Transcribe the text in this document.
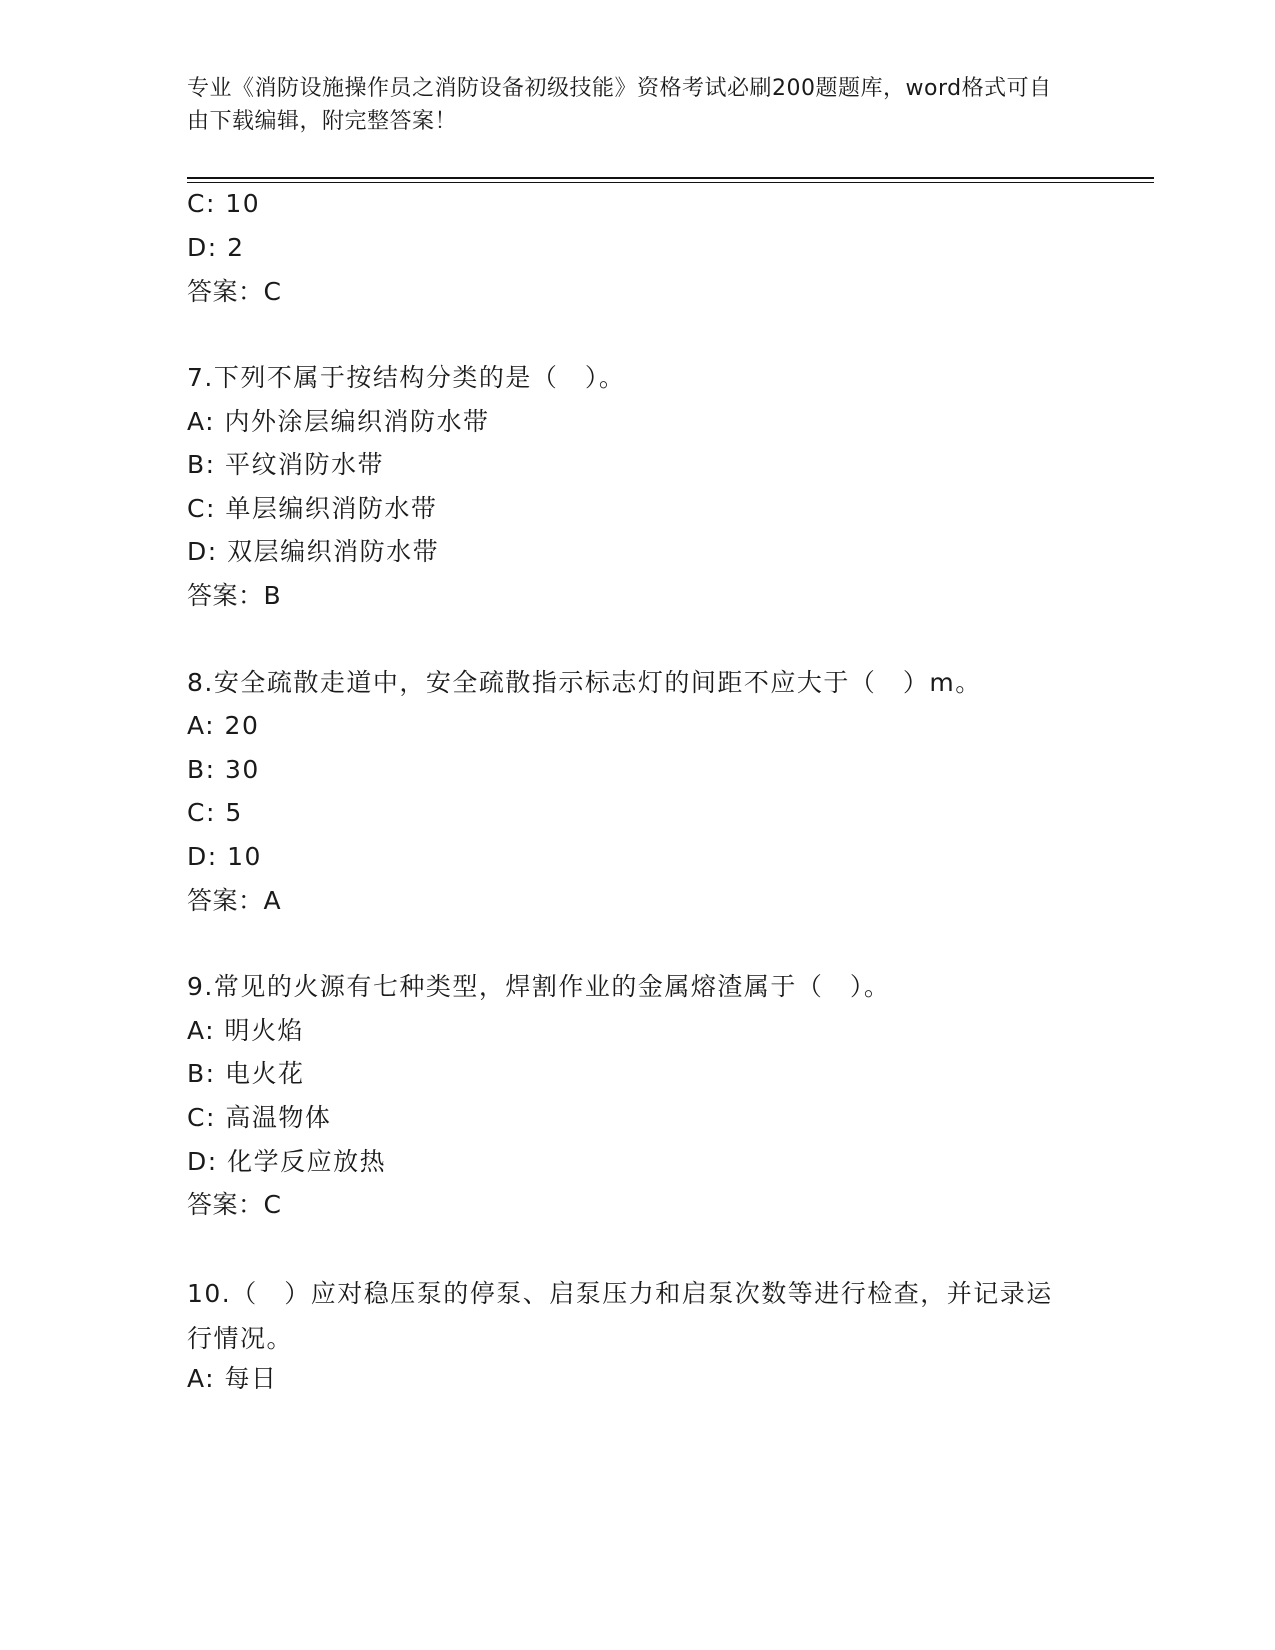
专业《消防设施操作员之消防设备初级技能》资格考试必刷200题题库，word格式可自由下载编辑，附完整答案！
C: 10
D: 2
答案：C
7.下列不属于按结构分类的是（　）。
A: 内外涂层编织消防水带
B: 平纹消防水带
C: 单层编织消防水带
D: 双层编织消防水带
答案：B
8.安全疏散走道中，安全疏散指示标志灯的间距不应大于（　）m。
A: 20
B: 30
C: 5
D: 10
答案：A
9.常见的火源有七种类型，焊割作业的金属熔渣属于（　）。
A: 明火焰
B: 电火花
C: 高温物体
D: 化学反应放热
答案：C
10.（　）应对稳压泵的停泵、启泵压力和启泵次数等进行检查，并记录运行情况。
A: 每日
